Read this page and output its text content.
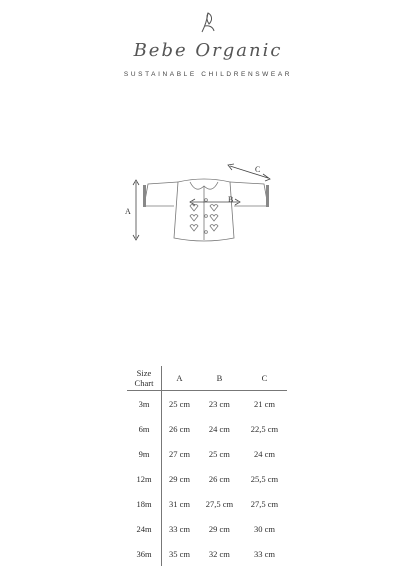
Bebe Organic
SUSTAINABLE CHILDRENSWEAR
A
B
C
Size
Chart	A	B	C
3m	25 cm	23 cm	21 cm
6m	26 cm	24 cm	22,5 cm
9m	27 cm	25 cm	24 cm
12m	29 cm	26 cm	25,5 cm
18m	31 cm	27,5 cm	27,5 cm
24m	33 cm	29 cm	30 cm
36m	35 cm	32 cm	33 cm
